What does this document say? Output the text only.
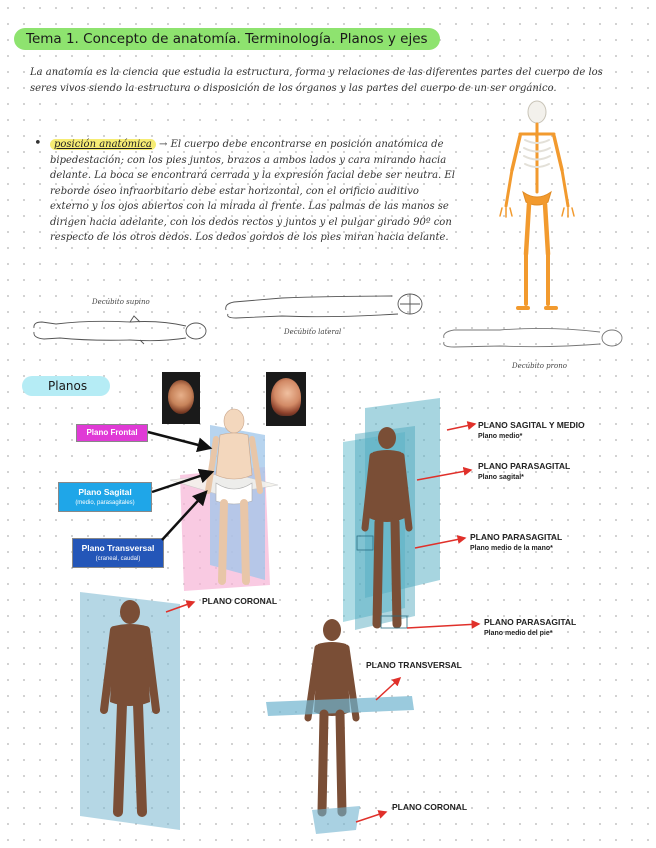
Tema 1. Concepto de anatomía. Terminología. Planos y ejes
La anatomía es la ciencia que estudia la estructura, forma y relaciones de las diferentes partes del cuerpo de los seres vivos siendo la estructura o disposición de los órganos y las partes del cuerpo de un ser orgánico.
•	posición anatómica → El cuerpo debe encontrarse en posición anatómica de bipedestación; con los pies juntos, brazos a ambos lados y cara mirando hacia delante. La boca se encontrará cerrada y la expresión facial debe ser neutra. El reborde óseo infraorbitario debe estar horizontal, con el orificio auditivo externo y los ojos abiertos con la mirada al frente. Las palmas de las manos se dirigen hacia adelante, con los dedos rectos y juntos y el pulgar girado 90º con respecto de los otros dedos. Los dedos gordos de los pies miran hacia delante.
Decúbito supino
Decúbito lateral
Decúbito prono
Planos
Plano Frontal
Plano Sagital
(medio, parasagitales)
Plano Transversal
(craneal, caudal)
PLANO SAGITAL Y MEDIO
Plano medio*
PLANO PARASAGITAL
Plano sagital*
PLANO PARASAGITAL
Plano medio de la mano*
PLANO PARASAGITAL
Plano medio del pie*
PLANO CORONAL
PLANO TRANSVERSAL
PLANO CORONAL
